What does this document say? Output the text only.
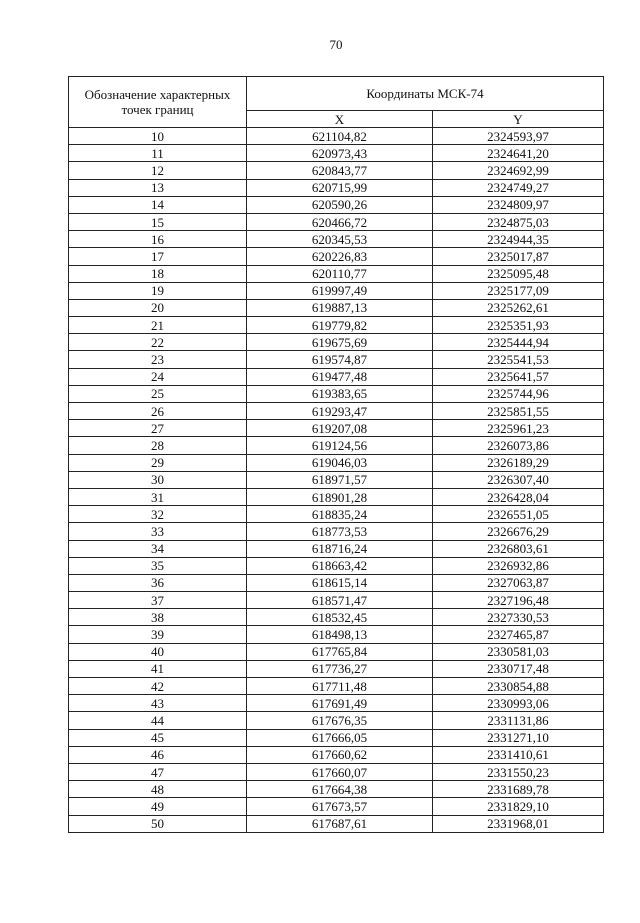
70
Обозначение характерных точек границ	Координаты МСК-74	
	X	Y
10	621104,82	2324593,97
11	620973,43	2324641,20
12	620843,77	2324692,99
13	620715,99	2324749,27
14	620590,26	2324809,97
15	620466,72	2324875,03
16	620345,53	2324944,35
17	620226,83	2325017,87
18	620110,77	2325095,48
19	619997,49	2325177,09
20	619887,13	2325262,61
21	619779,82	2325351,93
22	619675,69	2325444,94
23	619574,87	2325541,53
24	619477,48	2325641,57
25	619383,65	2325744,96
26	619293,47	2325851,55
27	619207,08	2325961,23
28	619124,56	2326073,86
29	619046,03	2326189,29
30	618971,57	2326307,40
31	618901,28	2326428,04
32	618835,24	2326551,05
33	618773,53	2326676,29
34	618716,24	2326803,61
35	618663,42	2326932,86
36	618615,14	2327063,87
37	618571,47	2327196,48
38	618532,45	2327330,53
39	618498,13	2327465,87
40	617765,84	2330581,03
41	617736,27	2330717,48
42	617711,48	2330854,88
43	617691,49	2330993,06
44	617676,35	2331131,86
45	617666,05	2331271,10
46	617660,62	2331410,61
47	617660,07	2331550,23
48	617664,38	2331689,78
49	617673,57	2331829,10
50	617687,61	2331968,01
